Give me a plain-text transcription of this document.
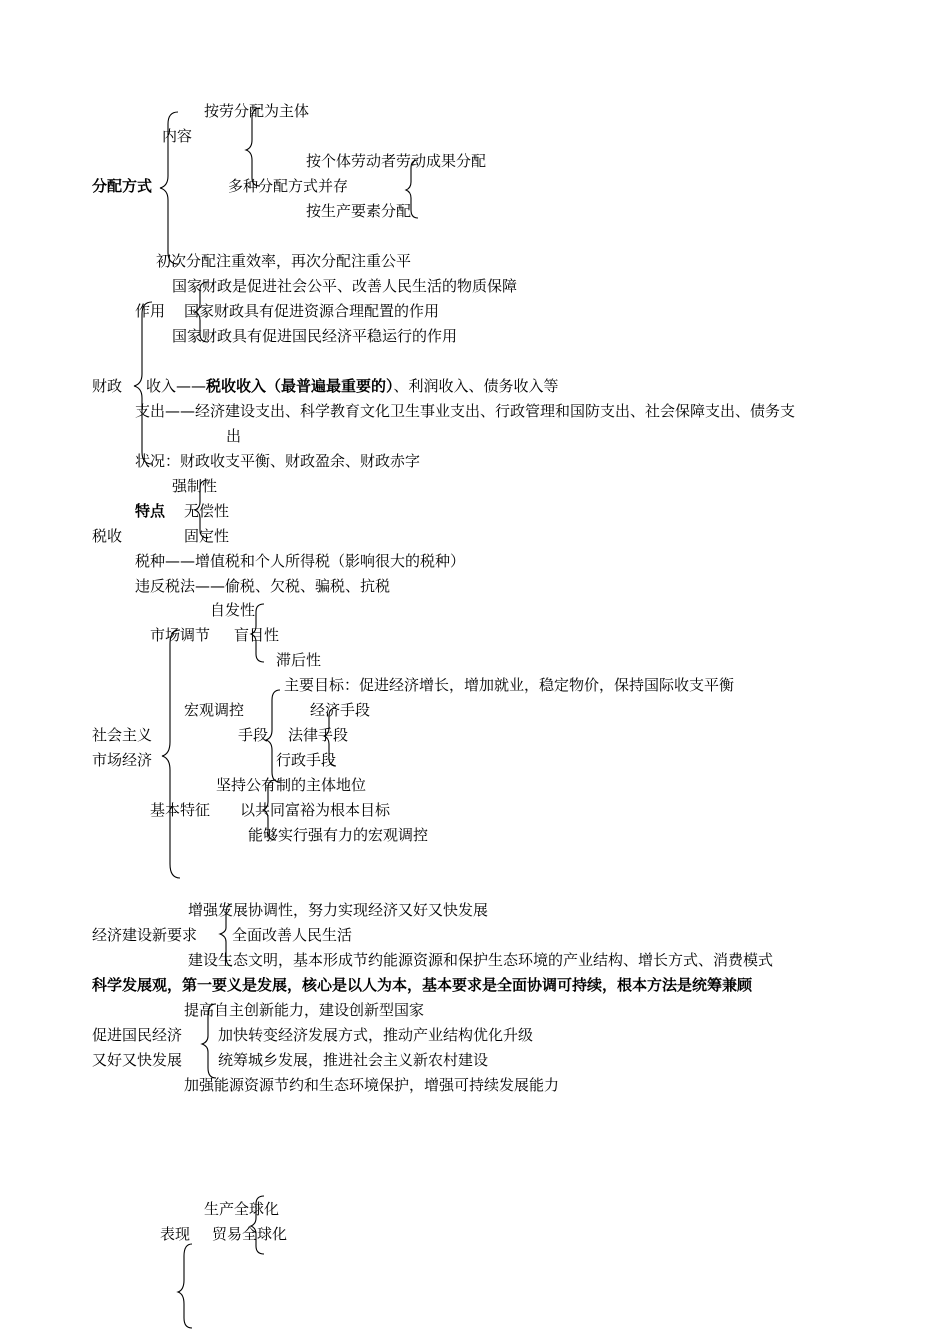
按劳分配为主体
内容
按个体劳动者劳动成果分配
分配方式	多种分配方式并存
按生产要素分配
初次分配注重效率，再次分配注重公平
国家财政是促进社会公平、改善人民生活的物质保障
作用 国家财政具有促进资源合理配置的作用
国家财政具有促进国民经济平稳运行的作用
财政 收入——税收收入（最普遍最重要的）、利润收入、债务收入等
支出——经济建设支出、科学教育文化卫生事业支出、行政管理和国防支出、社会保障支出、债务支
出
状况：财政收支平衡、财政盈余、财政赤字
强制性
特点 无偿性
税收	固定性
税种——增值税和个人所得税（影响很大的税种）
违反税法——偷税、欠税、骗税、抗税
自发性
市场调节 盲目性
滞后性
主要目标：促进经济增长，增加就业，稳定物价，保持国际收支平衡
宏观调控	经济手段
社会主义	手段 法律手段
市场经济	行政手段
坚持公有制的主体地位
基本特征 以共同富裕为根本目标
能够实行强有力的宏观调控
增强发展协调性，努力实现经济又好又快发展
经济建设新要求 全面改善人民生活
建设生态文明，基本形成节约能源资源和保护生态环境的产业结构、增长方式、消费模式
科学发展观，第一要义是发展，核心是以人为本，基本要求是全面协调可持续，根本方法是统筹兼顾
提高自主创新能力，建设创新型国家
促进国民经济 加快转变经济发展方式，推动产业结构优化升级
又好又快发展 统筹城乡发展，推进社会主义新农村建设
加强能源资源节约和生态环境保护，增强可持续发展能力
生产全球化
表现 贸易全球化
